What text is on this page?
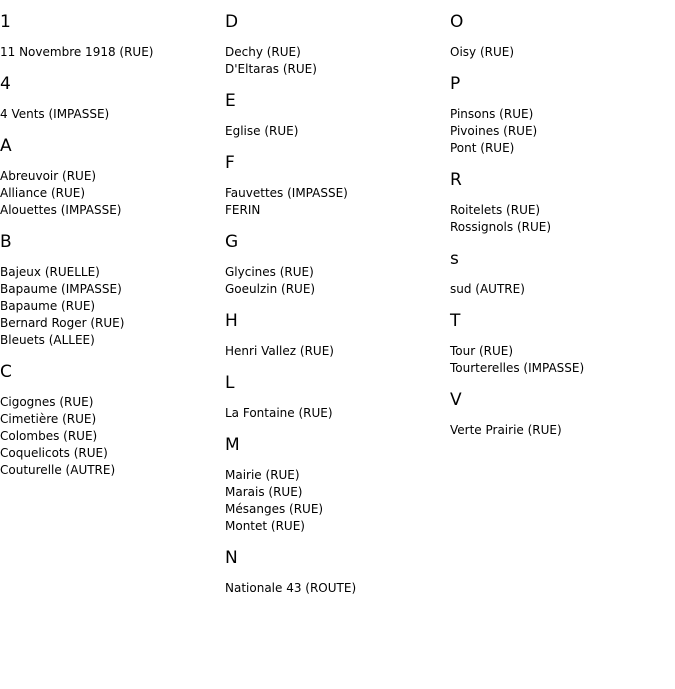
1
11 Novembre 1918 (RUE)
4
4 Vents (IMPASSE)
A
Abreuvoir (RUE)
Alliance (RUE)
Alouettes (IMPASSE)
B
Bajeux (RUELLE)
Bapaume (IMPASSE)
Bapaume (RUE)
Bernard Roger (RUE)
Bleuets (ALLEE)
C
Cigognes (RUE)
Cimetière (RUE)
Colombes (RUE)
Coquelicots (RUE)
Couturelle (AUTRE)
D
Dechy (RUE)
D'Eltaras (RUE)
E
Eglise (RUE)
F
Fauvettes (IMPASSE)
FERIN
G
Glycines (RUE)
Goeulzin (RUE)
H
Henri Vallez (RUE)
L
La Fontaine (RUE)
M
Mairie (RUE)
Marais (RUE)
Mésanges (RUE)
Montet (RUE)
N
Nationale 43 (ROUTE)
O
Oisy (RUE)
P
Pinsons (RUE)
Pivoines (RUE)
Pont (RUE)
R
Roitelets (RUE)
Rossignols (RUE)
s
sud (AUTRE)
T
Tour (RUE)
Tourterelles (IMPASSE)
V
Verte Prairie (RUE)
